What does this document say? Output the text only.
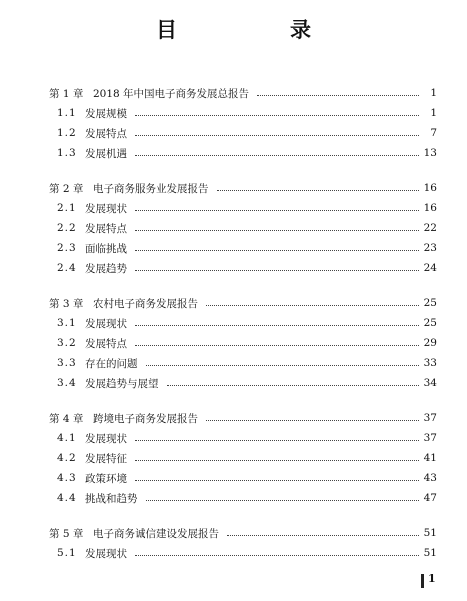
目　录
第 1 章 2018 年中国电子商务发展总报告	1
1.1 发展规模	1
1.2 发展特点	7
1.3 发展机遇	13
第 2 章 电子商务服务业发展报告	16
2.1 发展现状	16
2.2 发展特点	22
2.3 面临挑战	23
2.4 发展趋势	24
第 3 章 农村电子商务发展报告	25
3.1 发展现状	25
3.2 发展特点	29
3.3 存在的问题	33
3.4 发展趋势与展望	34
第 4 章 跨境电子商务发展报告	37
4.1 发展现状	37
4.2 发展特征	41
4.3 政策环境	43
4.4 挑战和趋势	47
第 5 章 电子商务诚信建设发展报告	51
5.1 发展现状	51
1
